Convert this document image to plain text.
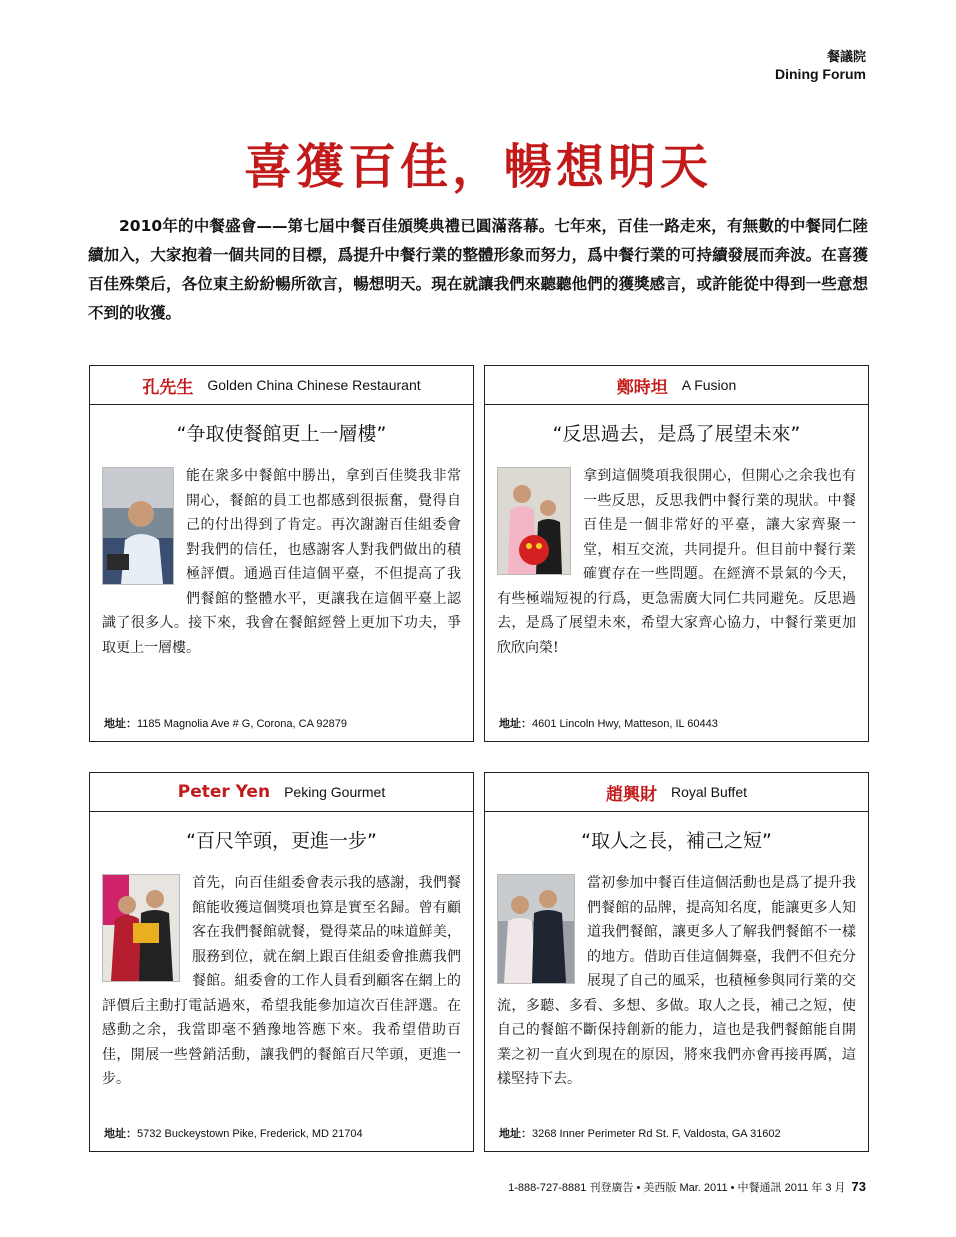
餐議院
Dining Forum
喜獲百佳，暢想明天
2010年的中餐盛會——第七屆中餐百佳頒獎典禮已圓滿落幕。七年來，百佳一路走來，有無數的中餐同仁陸續加入，大家抱着一個共同的目標，爲提升中餐行業的整體形象而努力，爲中餐行業的可持續發展而奔波。在喜獲百佳殊榮后，各位東主紛紛暢所欲言，暢想明天。現在就讓我們來聽聽他們的獲獎感言，或許能從中得到一些意想不到的收獲。
孔先生 Golden China Chinese Restaurant
“争取使餐館更上一層樓”
能在衆多中餐館中勝出，拿到百佳獎我非常開心，餐館的員工也都感到很振奮，覺得自己的付出得到了肯定。再次謝謝百佳組委會對我們的信任，也感謝客人對我們做出的積極評價。通過百佳這個平臺，不但提高了我們餐館的整體水平，更讓我在這個平臺上認識了很多人。接下來，我會在餐館經營上更加下功夫，爭取更上一層樓。
地址：1185 Magnolia Ave # G, Corona, CA 92879
鄭時坦 A Fusion
“反思過去，是爲了展望未來”
拿到這個獎項我很開心，但開心之余我也有一些反思，反思我們中餐行業的現狀。中餐百佳是一個非常好的平臺，讓大家齊聚一堂，相互交流，共同提升。但目前中餐行業確實存在一些問題。在經濟不景氣的今天，有些極端短視的行爲，更急需廣大同仁共同避免。反思過去，是爲了展望未來，希望大家齊心協力，中餐行業更加欣欣向榮!
地址：4601 Lincoln Hwy, Matteson, IL 60443
Peter Yen Peking Gourmet
“百尺竿頭，更進一步”
首先，向百佳組委會表示我的感謝，我們餐館能收獲這個獎項也算是實至名歸。曾有顧客在我們餐館就餐，覺得菜品的味道鮮美，服務到位，就在網上跟百佳組委會推薦我們餐館。組委會的工作人員看到顧客在網上的評價后主動打電話過來，希望我能參加這次百佳評選。在感動之余，我當即毫不猶豫地答應下來。我希望借助百佳，開展一些營銷活動，讓我們的餐館百尺竿頭，更進一步。
地址：5732 Buckeystown Pike, Frederick, MD 21704
趙興財 Royal Buffet
“取人之長，補己之短”
當初參加中餐百佳這個活動也是爲了提升我們餐館的品牌，提高知名度，能讓更多人知道我們餐館，讓更多人了解我們餐館不一樣的地方。借助百佳這個舞臺，我們不但充分展現了自己的風采，也積極參與同行業的交流，多聽、多看、多想、多做。取人之長，補己之短，使自己的餐館不斷保持創新的能力，這也是我們餐館能自開業之初一直火到現在的原因，將來我們亦會再接再厲，這樣堅持下去。
地址：3268 Inner Perimeter Rd St. F, Valdosta, GA 31602
1-888-727-8881 刊登廣告 • 美西版 Mar. 2011 • 中餐通訊 2011 年 3 月 73
